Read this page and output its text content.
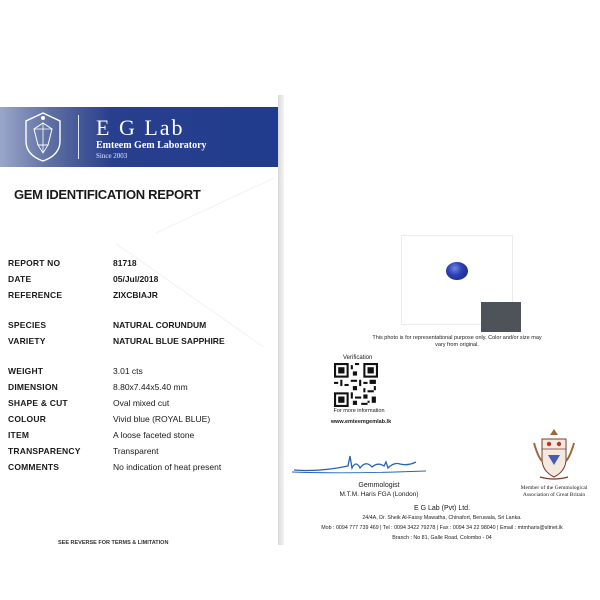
E G Lab
Emteem Gem Laboratory
Since 2003
GEM IDENTIFICATION REPORT
REPORT NO	81718
DATE	05/Jul/2018
REFERENCE	ZIXCBIAJR
SPECIES	NATURAL CORUNDUM
VARIETY	NATURAL BLUE SAPPHIRE
WEIGHT	3.01 cts
DIMENSION	8.80x7.44x5.40 mm
SHAPE & CUT	Oval mixed cut
COLOUR	Vivid blue (ROYAL BLUE)
ITEM	A loose faceted stone
TRANSPARENCY	Transparent
COMMENTS	No indication of heat present
SEE REVERSE FOR TERMS & LIMITATION
This photo is for representational purpose only. Color and/or size may vary from original.
Verification
For more information
www.emteemgemlab.lk
Gemmologist
M.T.M. Haris FGA (London)
Member of the Gemmological Association of Great Britain
E G Lab (Pvt) Ltd.
24/4A, Dr. Sheik Al-Fassy Mawatha, Chinafort, Beruwala, Sri Lanka.
Mob : 0094 777 739 469 | Tel : 0094 3422 79278 | Fax : 0094 34 22 98040 | Email : mtmharis@sltnet.lk
Branch : No 81, Galle Road, Colombo - 04
